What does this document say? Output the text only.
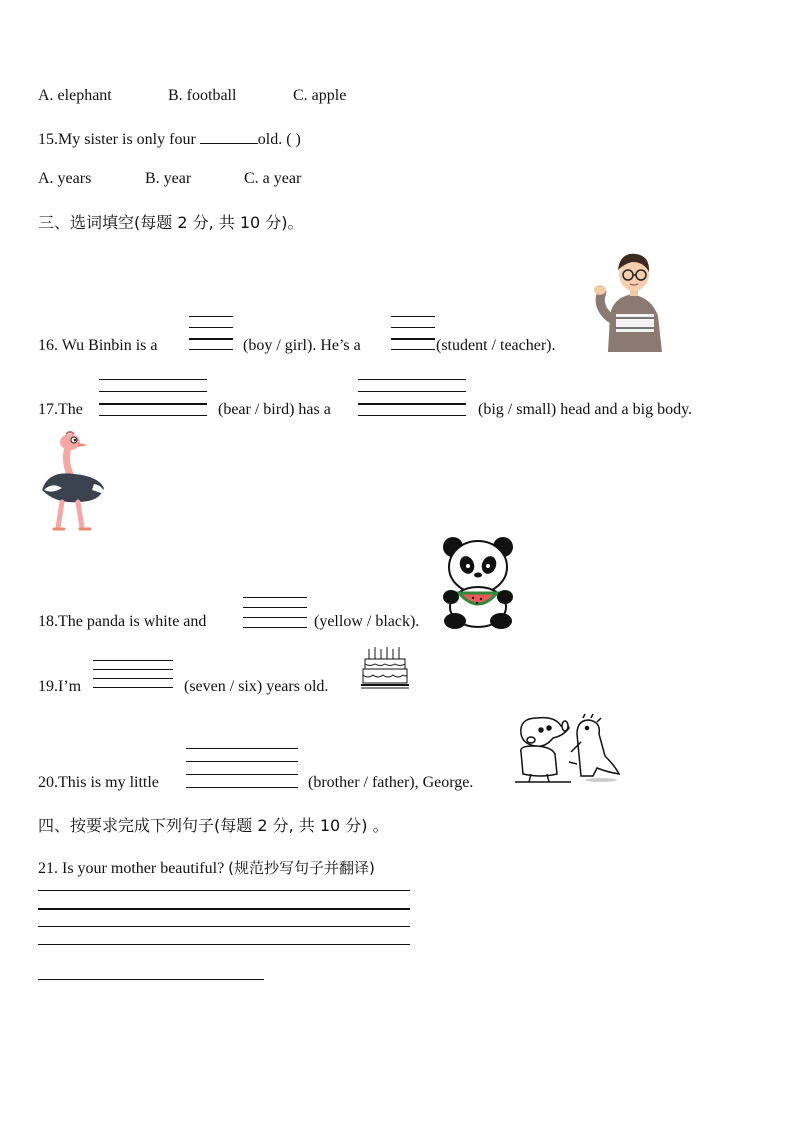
A. elephant	B. football	C. apple
15.My sister is only four	old. ( )
A. years	B. year	C. a year
三、选词填空(每题 2 分, 共 10 分)。
16. Wu Binbin is a	(boy / girl). He’s a	(student / teacher).
17.The	(bear / bird) has a	(big / small) head and a big body.
18.The panda is white and	(yellow / black).
19.I’m	(seven / six) years old.
20.This is my little	(brother / father), George.
四、按要求完成下列句子(每题 2 分, 共 10 分) 。
21. Is your mother beautiful? (规范抄写句子并翻译)
